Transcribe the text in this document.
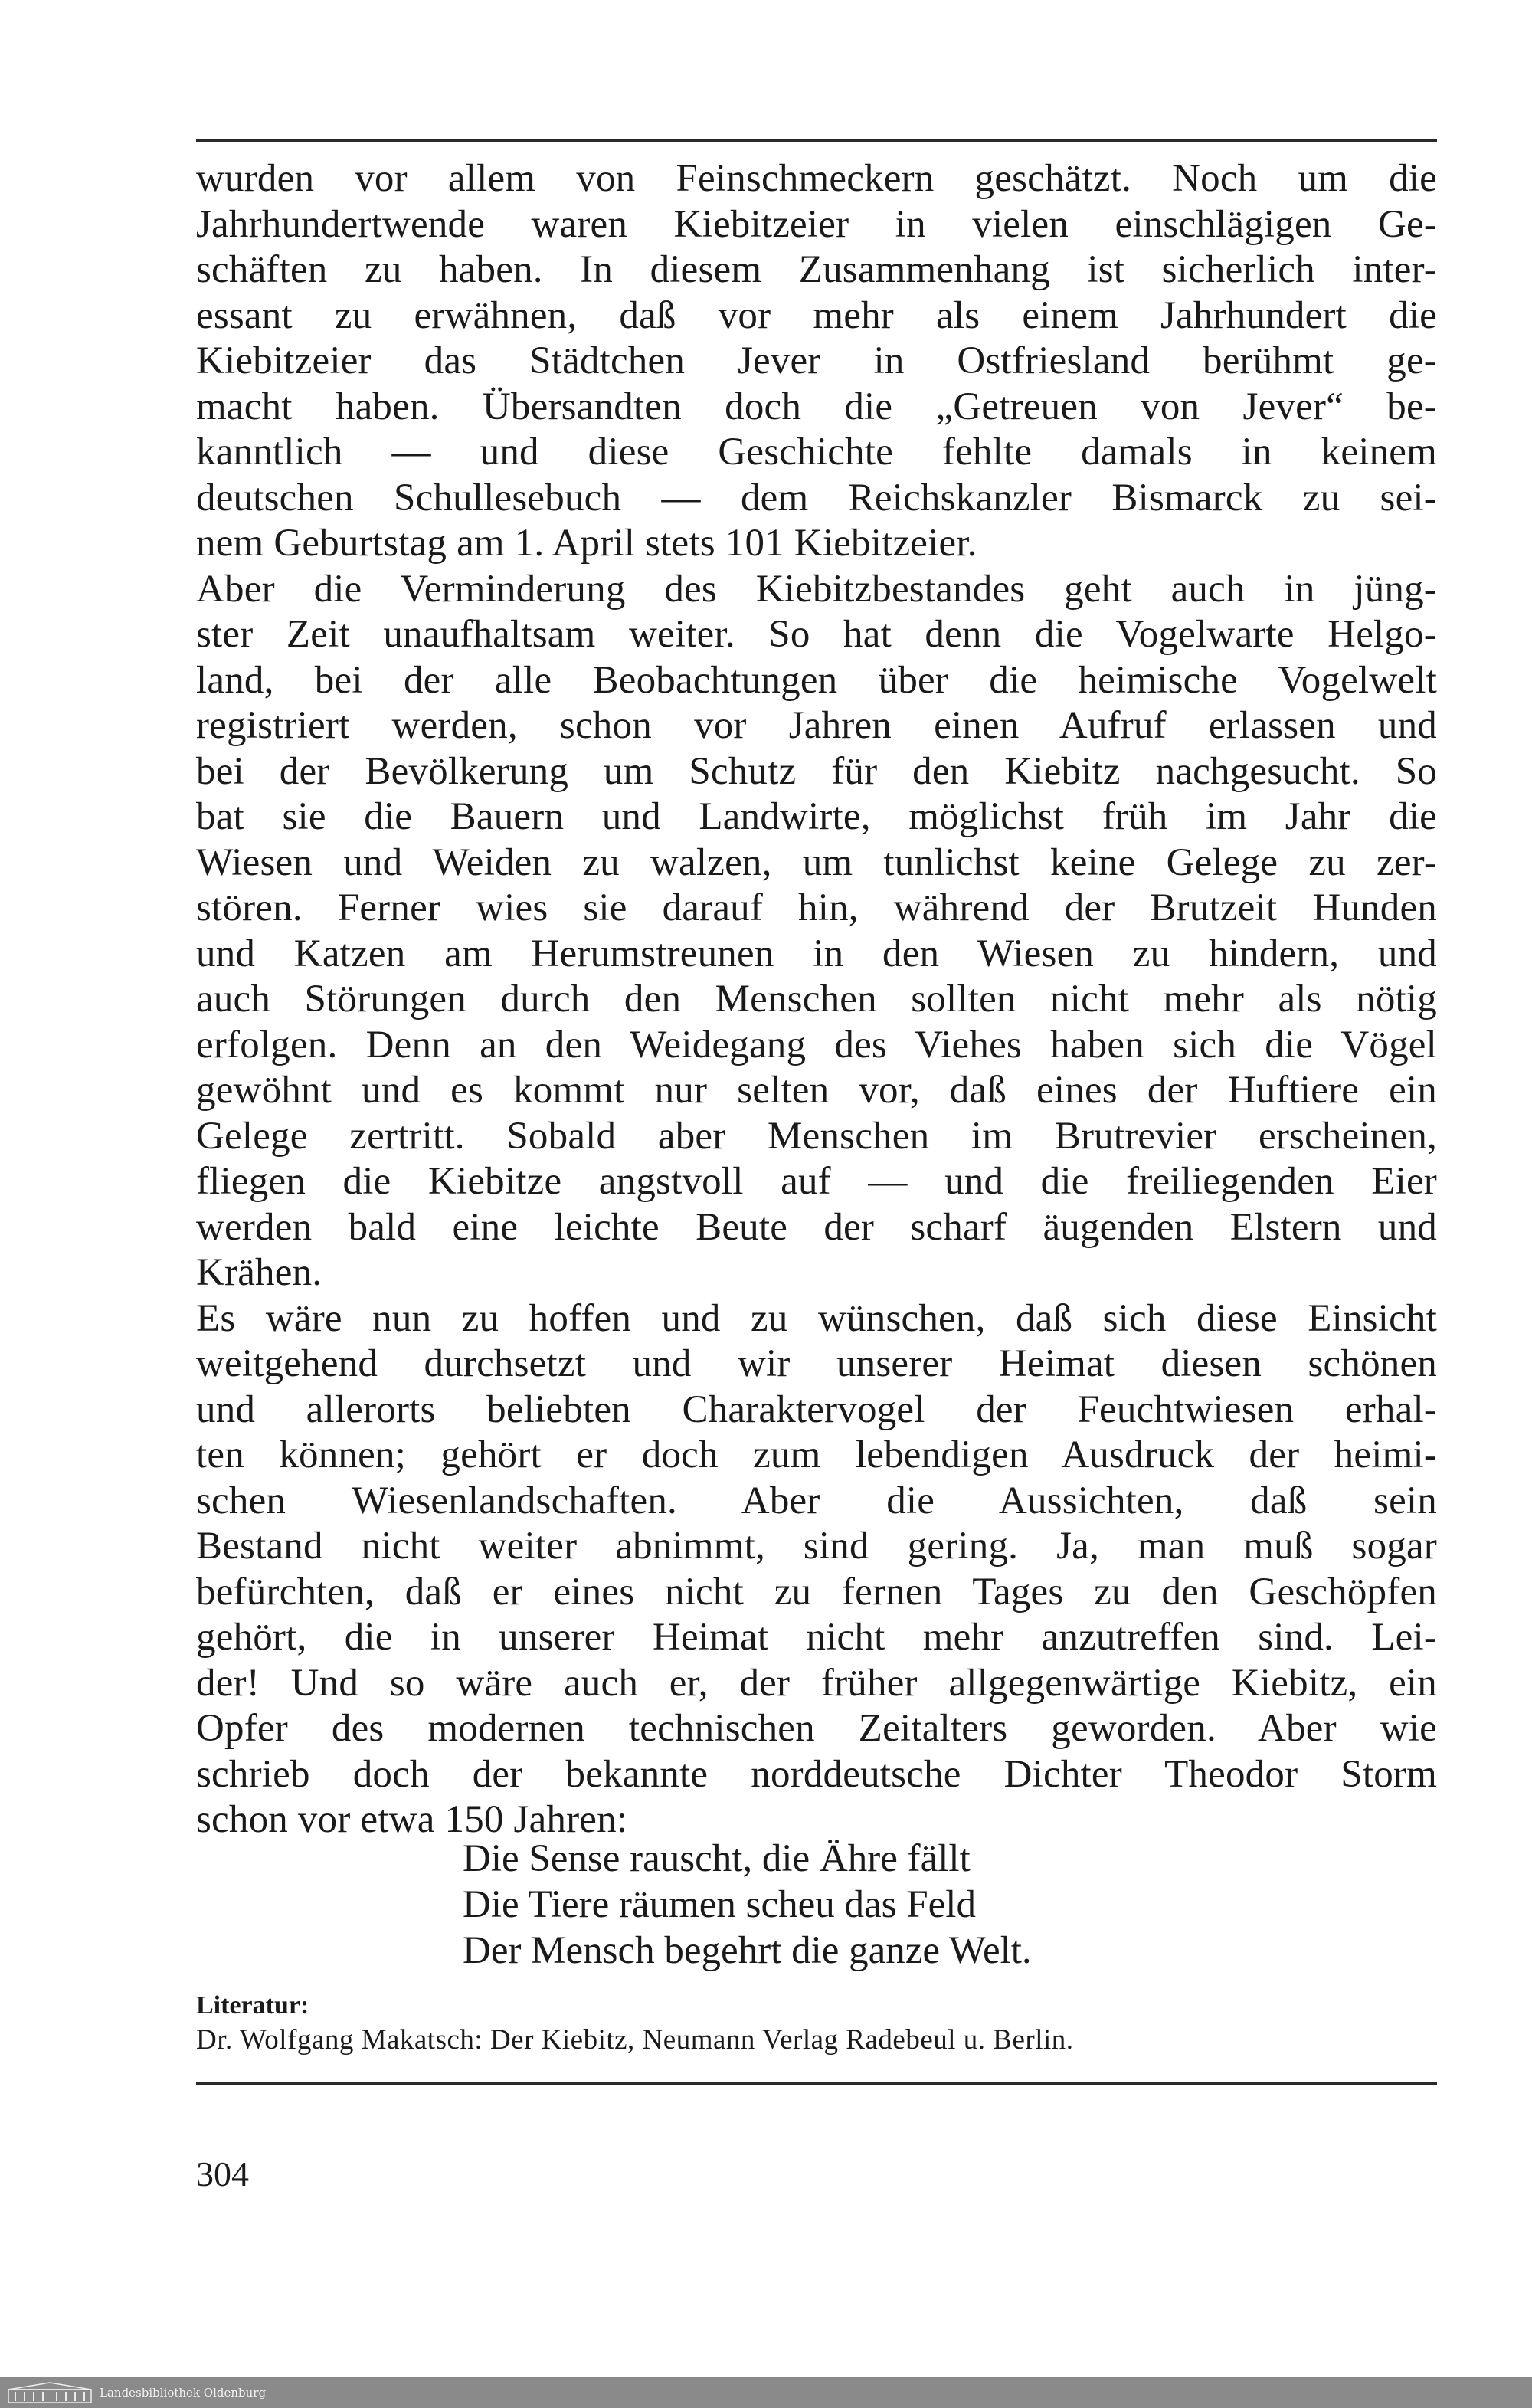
wurden vor allem von Feinschmeckern geschätzt. Noch um die
Jahrhundertwende waren Kiebitzeier in vielen einschlägigen Ge-
schäften zu haben. In diesem Zusammenhang ist sicherlich inter-
essant zu erwähnen, daß vor mehr als einem Jahrhundert die
Kiebitzeier das Städtchen Jever in Ostfriesland berühmt ge-
macht haben. Übersandten doch die „Getreuen von Jever“ be-
kanntlich — und diese Geschichte fehlte damals in keinem
deutschen Schullesebuch — dem Reichskanzler Bismarck zu sei-
nem Geburtstag am 1. April stets 101 Kiebitzeier.
Aber die Verminderung des Kiebitzbestandes geht auch in jüng-
ster Zeit unaufhaltsam weiter. So hat denn die Vogelwarte Helgo-
land, bei der alle Beobachtungen über die heimische Vogelwelt
registriert werden, schon vor Jahren einen Aufruf erlassen und
bei der Bevölkerung um Schutz für den Kiebitz nachgesucht. So
bat sie die Bauern und Landwirte, möglichst früh im Jahr die
Wiesen und Weiden zu walzen, um tunlichst keine Gelege zu zer-
stören. Ferner wies sie darauf hin, während der Brutzeit Hunden
und Katzen am Herumstreunen in den Wiesen zu hindern, und
auch Störungen durch den Menschen sollten nicht mehr als nötig
erfolgen. Denn an den Weidegang des Viehes haben sich die Vögel
gewöhnt und es kommt nur selten vor, daß eines der Huftiere ein
Gelege zertritt. Sobald aber Menschen im Brutrevier erscheinen,
fliegen die Kiebitze angstvoll auf — und die freiliegenden Eier
werden bald eine leichte Beute der scharf äugenden Elstern und
Krähen.
Es wäre nun zu hoffen und zu wünschen, daß sich diese Einsicht
weitgehend durchsetzt und wir unserer Heimat diesen schönen
und allerorts beliebten Charaktervogel der Feuchtwiesen erhal-
ten können; gehört er doch zum lebendigen Ausdruck der heimi-
schen Wiesenlandschaften. Aber die Aussichten, daß sein
Bestand nicht weiter abnimmt, sind gering. Ja, man muß sogar
befürchten, daß er eines nicht zu fernen Tages zu den Geschöpfen
gehört, die in unserer Heimat nicht mehr anzutreffen sind. Lei-
der! Und so wäre auch er, der früher allgegenwärtige Kiebitz, ein
Opfer des modernen technischen Zeitalters geworden. Aber wie
schrieb doch der bekannte norddeutsche Dichter Theodor Storm
schon vor etwa 150 Jahren:
Die Sense rauscht, die Ähre fällt
Die Tiere räumen scheu das Feld
Der Mensch begehrt die ganze Welt.
Literatur:
Dr. Wolfgang Makatsch: Der Kiebitz, Neumann Verlag Radebeul u. Berlin.
304
Landesbibliothek Oldenburg
